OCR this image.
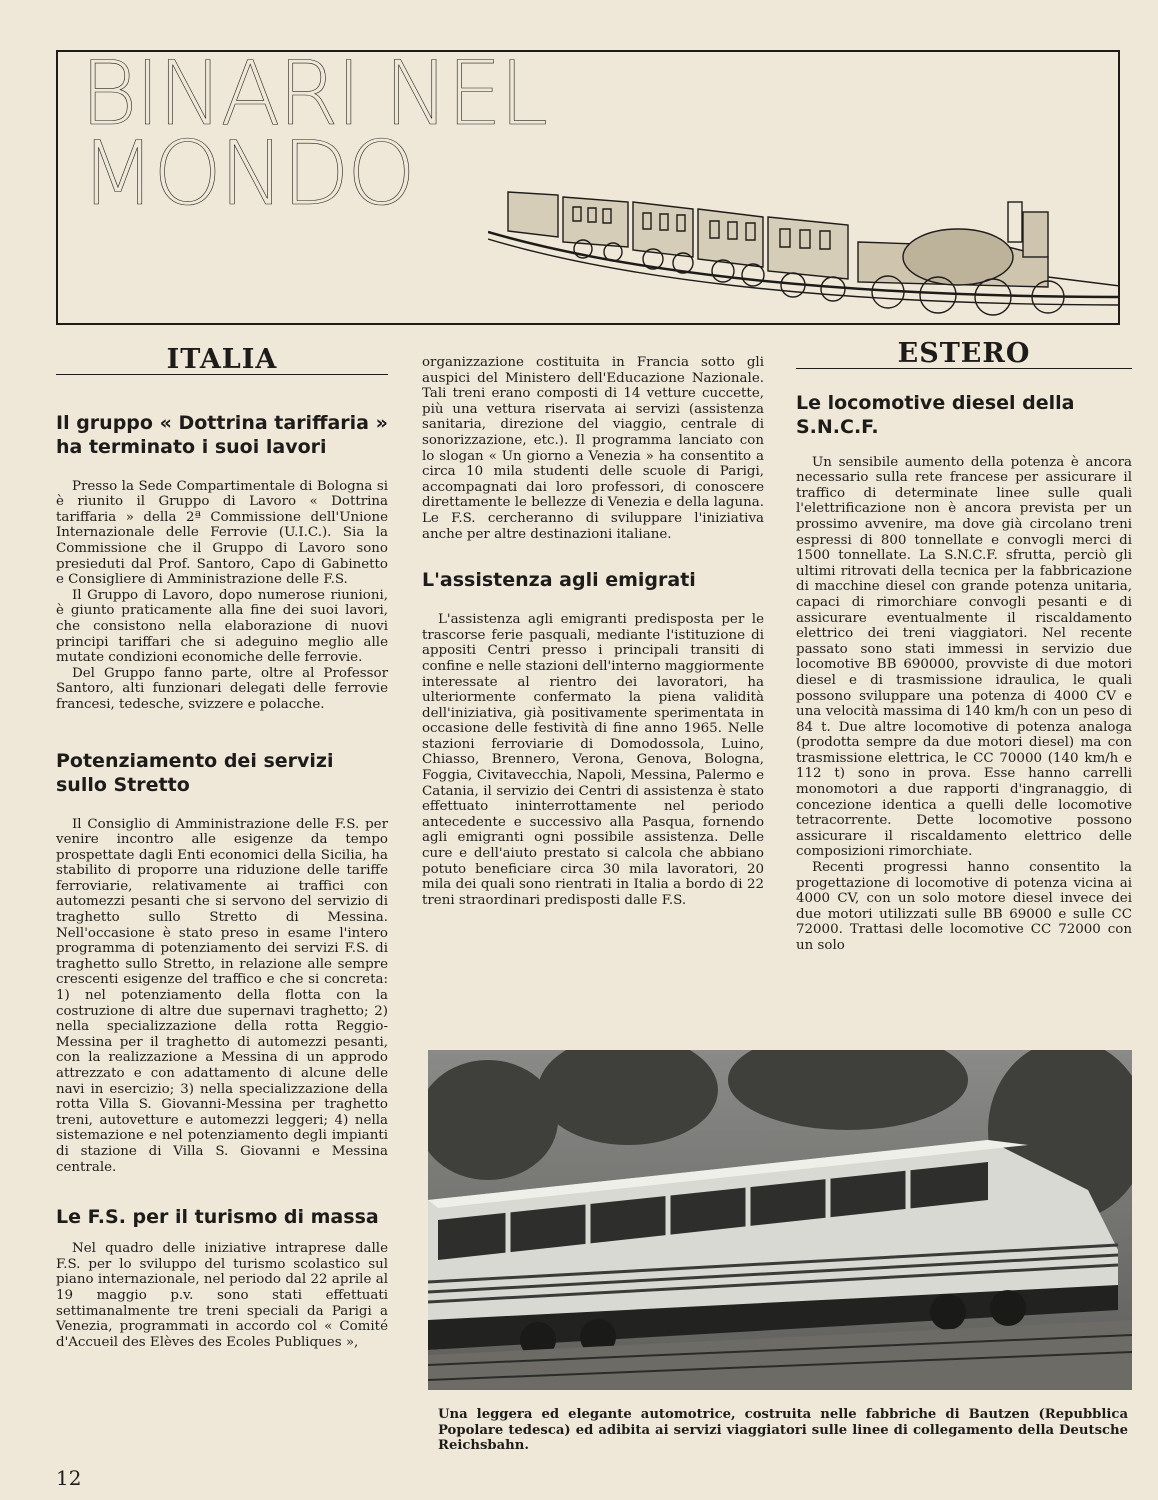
BINARI NEL
MONDO
ITALIA
Il gruppo « Dottrina tariffaria » ha terminato i suoi lavori

Presso la Sede Compartimentale di Bologna si è riunito il Gruppo di Lavoro « Dottrina tariffaria » della 2ª Commissione dell'Unione Internazionale delle Ferrovie (U.I.C.). Sia la Commissione che il Gruppo di Lavoro sono presieduti dal Prof. Santoro, Capo di Gabinetto e Consigliere di Amministrazione delle F.S.

Il Gruppo di Lavoro, dopo numerose riunioni, è giunto praticamente alla fine dei suoi lavori, che consistono nella elaborazione di nuovi principi tariffari che si adeguino meglio alle mutate condizioni economiche delle ferrovie.

Del Gruppo fanno parte, oltre al Professor Santoro, alti funzionari delegati delle ferrovie francesi, tedesche, svizzere e polacche.

Potenziamento dei servizi sullo Stretto

Il Consiglio di Amministrazione delle F.S. per venire incontro alle esigenze da tempo prospettate dagli Enti economici della Sicilia, ha stabilito di proporre una riduzione delle tariffe ferroviarie, relativamente ai traffici con automezzi pesanti che si servono del servizio di traghetto sullo Stretto di Messina. Nell'occasione è stato preso in esame l'intero programma di potenziamento dei servizi F.S. di traghetto sullo Stretto, in relazione alle sempre crescenti esigenze del traffico e che si concreta: 1) nel potenziamento della flotta con la costruzione di altre due supernavi traghetto; 2) nella specializzazione della rotta Reggio-Messina per il traghetto di automezzi pesanti, con la realizzazione a Messina di un approdo attrezzato e con adattamento di alcune delle navi in esercizio; 3) nella specializzazione della rotta Villa S. Giovanni-Messina per traghetto treni, autovetture e automezzi leggeri; 4) nella sistemazione e nel potenziamento degli impianti di stazione di Villa S. Giovanni e Messina centrale.

Le F.S. per il turismo di massa

Nel quadro delle iniziative intraprese dalle F.S. per lo sviluppo del turismo scolastico sul piano internazionale, nel periodo dal 22 aprile al 19 maggio p.v. sono stati effettuati settimanalmente tre treni speciali da Parigi a Venezia, programmati in accordo col « Comité d'Accueil des Elèves des Ecoles Publiques »,

organizzazione costituita in Francia sotto gli auspici del Ministero dell'Educazione Nazionale. Tali treni erano composti di 14 vetture cuccette, più una vettura riservata ai servizi (assistenza sanitaria, direzione del viaggio, centrale di sonorizzazione, etc.). Il programma lanciato con lo slogan « Un giorno a Venezia » ha consentito a circa 10 mila studenti delle scuole di Parigi, accompagnati dai loro professori, di conoscere direttamente le bellezze di Venezia e della laguna. Le F.S. cercheranno di sviluppare l'iniziativa anche per altre destinazioni italiane.

L'assistenza agli emigrati

L'assistenza agli emigranti predisposta per le trascorse ferie pasquali, mediante l'istituzione di appositi Centri presso i principali transiti di confine e nelle stazioni dell'interno maggiormente interessate al rientro dei lavoratori, ha ulteriormente confermato la piena validità dell'iniziativa, già positivamente sperimentata in occasione delle festività di fine anno 1965. Nelle stazioni ferroviarie di Domodossola, Luino, Chiasso, Brennero, Verona, Genova, Bologna, Foggia, Civitavecchia, Napoli, Messina, Palermo e Catania, il servizio dei Centri di assistenza è stato effettuato ininterrottamente nel periodo antecedente e successivo alla Pasqua, fornendo agli emigranti ogni possibile assistenza. Delle cure e dell'aiuto prestato si calcola che abbiano potuto beneficiare circa 30 mila lavoratori, 20 mila dei quali sono rientrati in Italia a bordo di 22 treni straordinari predisposti dalle F.S.

ESTERO
Le locomotive diesel della S.N.C.F.

Un sensibile aumento della potenza è ancora necessario sulla rete francese per assicurare il traffico di determinate linee sulle quali l'elettrificazione non è ancora prevista per un prossimo avvenire, ma dove già circolano treni espressi di 800 tonnellate e convogli merci di 1500 tonnellate. La S.N.C.F. sfrutta, perciò gli ultimi ritrovati della tecnica per la fabbricazione di macchine diesel con grande potenza unitaria, capaci di rimorchiare convogli pesanti e di assicurare eventualmente il riscaldamento elettrico dei treni viaggiatori. Nel recente passato sono stati immessi in servizio due locomotive BB 690000, provviste di due motori diesel e di trasmissione idraulica, le quali possono sviluppare una potenza di 4000 CV e una velocità massima di 140 km/h con un peso di 84 t. Due altre locomotive di potenza analoga (prodotta sempre da due motori diesel) ma con trasmissione elettrica, le CC 70000 (140 km/h e 112 t) sono in prova. Esse hanno carrelli monomotori a due rapporti d'ingranaggio, di concezione identica a quelli delle locomotive tetracorrente. Dette locomotive possono assicurare il riscaldamento elettrico delle composizioni rimorchiate.

Recenti progressi hanno consentito la progettazione di locomotive di potenza vicina ai 4000 CV, con un solo motore diesel invece dei due motori utilizzati sulle BB 69000 e sulle CC 72000. Trattasi delle locomotive CC 72000 con un solo

Una leggera ed elegante automotrice, costruita nelle fabbriche di Bautzen (Repubblica Popolare tedesca) ed adibita ai servizi viaggiatori sulle linee di collegamento della Deutsche Reichsbahn.
12
